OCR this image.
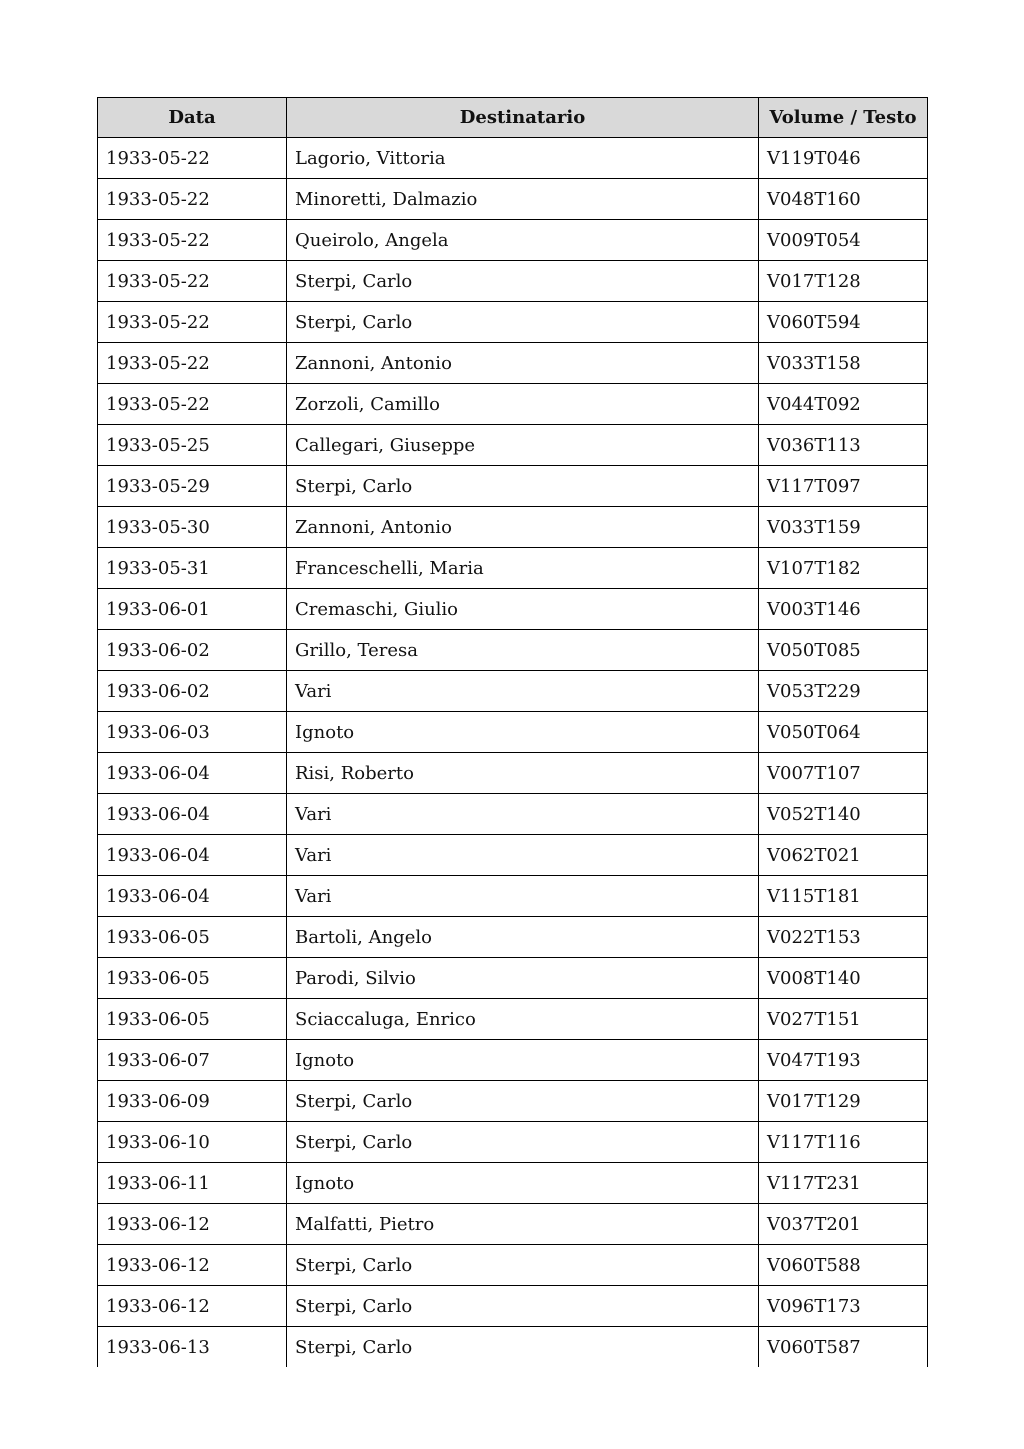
Data	Destinatario	Volume / Testo
1933-05-22	Lagorio, Vittoria	V119T046
1933-05-22	Minoretti, Dalmazio	V048T160
1933-05-22	Queirolo, Angela	V009T054
1933-05-22	Sterpi, Carlo	V017T128
1933-05-22	Sterpi, Carlo	V060T594
1933-05-22	Zannoni, Antonio	V033T158
1933-05-22	Zorzoli, Camillo	V044T092
1933-05-25	Callegari, Giuseppe	V036T113
1933-05-29	Sterpi, Carlo	V117T097
1933-05-30	Zannoni, Antonio	V033T159
1933-05-31	Franceschelli, Maria	V107T182
1933-06-01	Cremaschi, Giulio	V003T146
1933-06-02	Grillo, Teresa	V050T085
1933-06-02	Vari	V053T229
1933-06-03	Ignoto	V050T064
1933-06-04	Risi, Roberto	V007T107
1933-06-04	Vari	V052T140
1933-06-04	Vari	V062T021
1933-06-04	Vari	V115T181
1933-06-05	Bartoli, Angelo	V022T153
1933-06-05	Parodi, Silvio	V008T140
1933-06-05	Sciaccaluga, Enrico	V027T151
1933-06-07	Ignoto	V047T193
1933-06-09	Sterpi, Carlo	V017T129
1933-06-10	Sterpi, Carlo	V117T116
1933-06-11	Ignoto	V117T231
1933-06-12	Malfatti, Pietro	V037T201
1933-06-12	Sterpi, Carlo	V060T588
1933-06-12	Sterpi, Carlo	V096T173
1933-06-13	Sterpi, Carlo	V060T587
